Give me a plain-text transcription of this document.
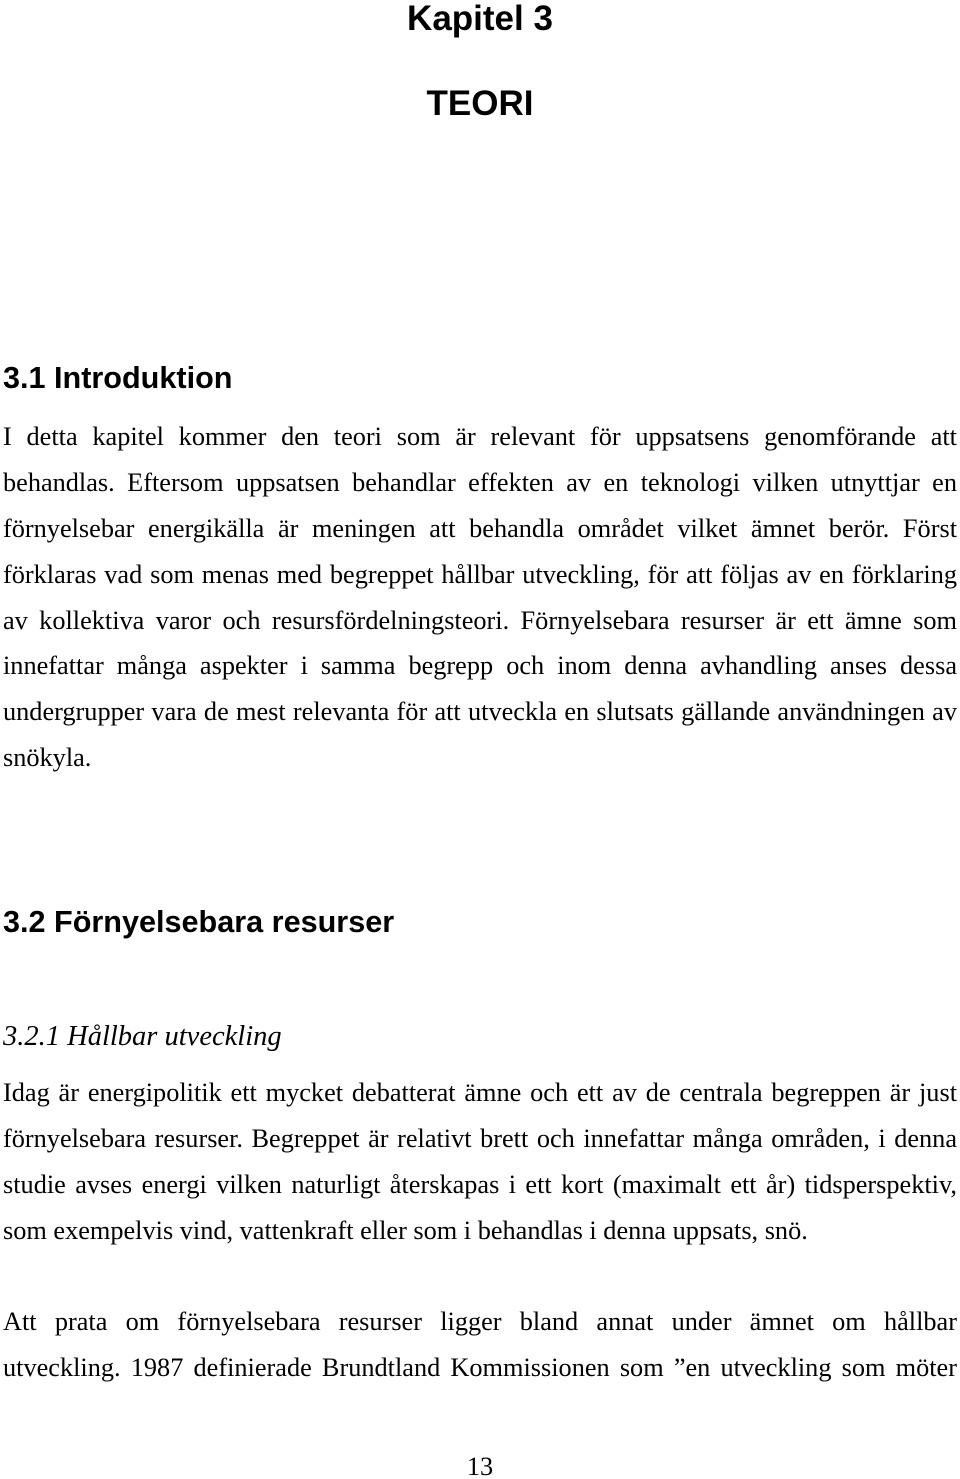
Kapitel 3
TEORI
3.1 Introduktion
I detta kapitel kommer den teori som är relevant för uppsatsens genomförande att
behandlas. Eftersom uppsatsen behandlar effekten av en teknologi vilken utnyttjar en
förnyelsebar energikälla är meningen att behandla området vilket ämnet berör. Först
förklaras vad som menas med begreppet hållbar utveckling, för att följas av en förklaring
av kollektiva varor och resursfördelningsteori. Förnyelsebara resurser är ett ämne som
innefattar många aspekter i samma begrepp och inom denna avhandling anses dessa
undergrupper vara de mest relevanta för att utveckla en slutsats gällande användningen av
snökyla.
3.2 Förnyelsebara resurser
3.2.1 Hållbar utveckling
Idag är energipolitik ett mycket debatterat ämne och ett av de centrala begreppen är just
förnyelsebara resurser. Begreppet är relativt brett och innefattar många områden, i denna
studie avses energi vilken naturligt återskapas i ett kort (maximalt ett år) tidsperspektiv,
som exempelvis vind, vattenkraft eller som i behandlas i denna uppsats, snö.
Att prata om förnyelsebara resurser ligger bland annat under ämnet om hållbar
utveckling. 1987 definierade Brundtland Kommissionen som ”en utveckling som möter
13
